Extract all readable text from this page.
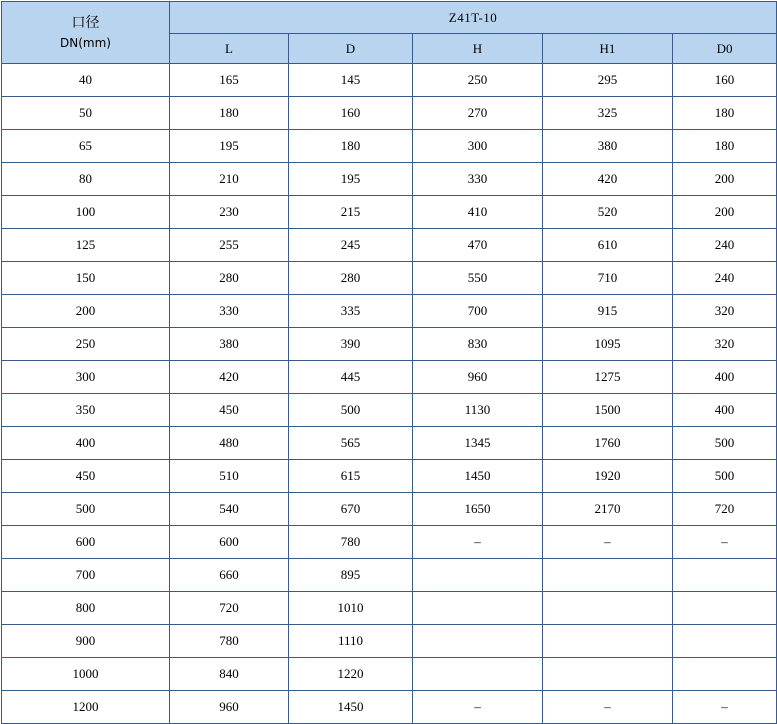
口径
DN(mm)	Z41T-10				
	L	D	H	H1	D0
40	165	145	250	295	160
50	180	160	270	325	180
65	195	180	300	380	180
80	210	195	330	420	200
100	230	215	410	520	200
125	255	245	470	610	240
150	280	280	550	710	240
200	330	335	700	915	320
250	380	390	830	1095	320
300	420	445	960	1275	400
350	450	500	1130	1500	400
400	480	565	1345	1760	500
450	510	615	1450	1920	500
500	540	670	1650	2170	720
600	600	780	–	–	–
700	660	895			
800	720	1010			
900	780	1110			
1000	840	1220			
1200	960	1450	–	–	–
